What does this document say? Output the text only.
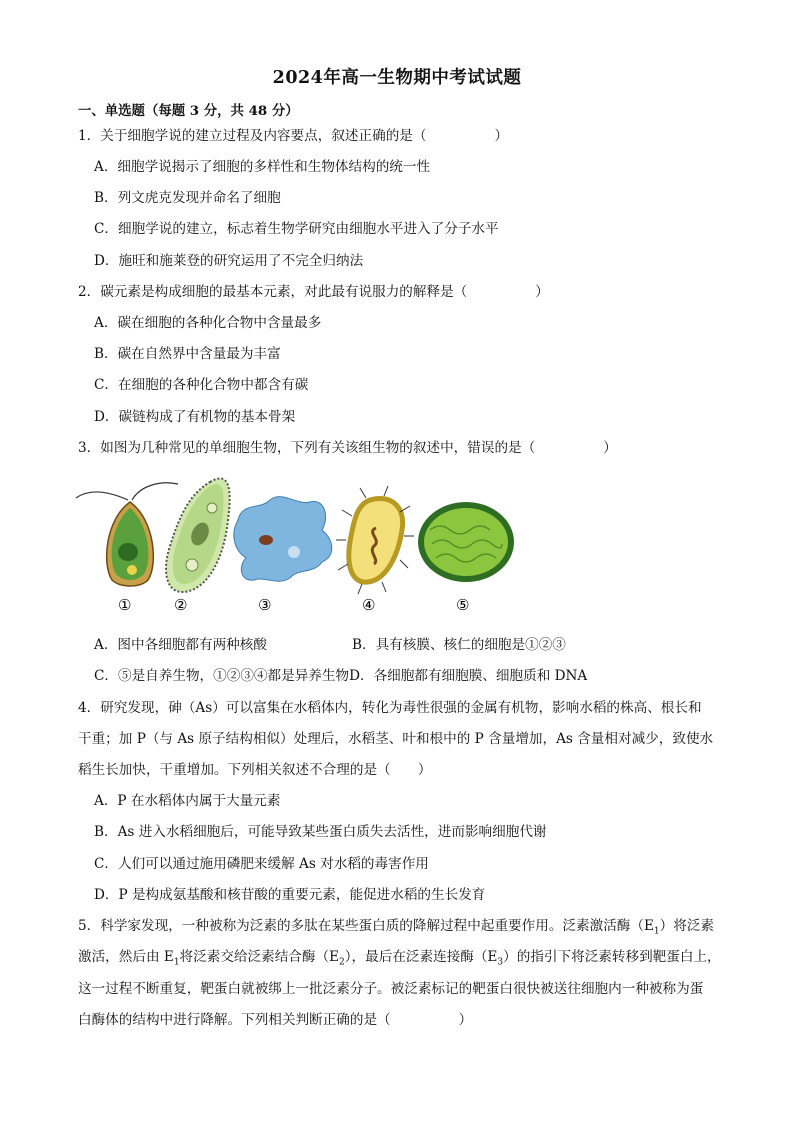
2024年高一生物期中考试试题
一、单选题（每题 3 分，共 48 分）
1．关于细胞学说的建立过程及内容要点，叙述正确的是（　　　　　）
A．细胞学说揭示了细胞的多样性和生物体结构的统一性
B．列文虎克发现并命名了细胞
C．细胞学说的建立，标志着生物学研究由细胞水平进入了分子水平
D．施旺和施莱登的研究运用了不完全归纳法
2．碳元素是构成细胞的最基本元素，对此最有说服力的解释是（　　　　　）
A．碳在细胞的各种化合物中含量最多
B．碳在自然界中含量最为丰富
C．在细胞的各种化合物中都含有碳
D．碳链构成了有机物的基本骨架
3．如图为几种常见的单细胞生物，下列有关该组生物的叙述中，错误的是（　　　　　）
①	②	③	④	⑤
A．图中各细胞都有两种核酸	B．具有核膜、核仁的细胞是①②③
C．⑤是自养生物，①②③④都是异养生物D．各细胞都有细胞膜、细胞质和 DNA
4．研究发现，砷（As）可以富集在水稻体内，转化为毒性很强的金属有机物，影响水稻的株高、根长和
干重；加 P（与 As 原子结构相似）处理后，水稻茎、叶和根中的 P 含量增加，As 含量相对减少，致使水
稻生长加快，干重增加。下列相关叙述不合理的是（　　）
A．P 在水稻体内属于大量元素
B．As 进入水稻细胞后，可能导致某些蛋白质失去活性，进而影响细胞代谢
C．人们可以通过施用磷肥来缓解 As 对水稻的毒害作用
D．P 是构成氨基酸和核苷酸的重要元素，能促进水稻的生长发育
5．科学家发现，一种被称为泛素的多肽在某些蛋白质的降解过程中起重要作用。泛素激活酶$(E_1)$将泛素
激活，然后由 $E_1$将泛素交给泛素结合酶$(E_2)$，最后在泛素连接酶$(E_3)$的指引下将泛素转移到靶蛋白上，
这一过程不断重复，靶蛋白就被绑上一批泛素分子。被泛素标记的靶蛋白很快被送往细胞内一种被称为蛋
白酶体的结构中进行降解。下列相关判断正确的是（　　　　　）
